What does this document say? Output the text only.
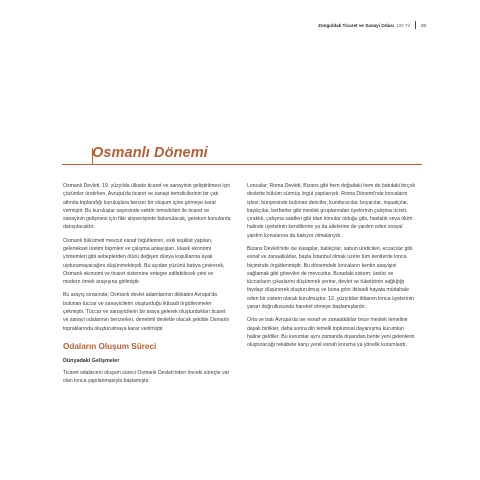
Zonguldak Ticaret ve Sanayi Odası 100 Yıl 29
Osmanlı Dönemi

Osmanlı Devleti, 19. yüzyılda ülkede ticaret ve sanayinin geliştirilmesi için çözümler üretirken, Avrupa'da ticaret ve sanayi temsilcilerinin bir çatı altında toplandığı kuruluşlara benzer bir oluşum içine girmeye karar vermiştir. Bu kuruluşlar sayesinde sektör temsilcileri ile ticaret ve sanayinin gelişmesi için fikir alışverişinde bulunulacak, gereken konularda danışılacaktır.

Osmanlı hükümeti mevcut esnaf örgütlerinin, eski teşkilat yapıları, geleneksel üretim biçimleri ve çalışma anlayışları, klasik ekonomi yöntemleri gibi sebeplerden ötürü değişen dünya koşullarına ayak uyduramayacağını düşünmekteydi. Bu açıdan yüzünü batıya çevirerek, Osmanlı ekonomi ve ticaret sistemine entegre edilebilecek yeni ve modern örnek arayışına girilmiştir.

Bu arayış sırasında; Osmanlı devlet adamlarının dikkatini Avrupa'da bulunan tüccar ve sanayicilerin oluşturduğu iktisadi örgütlenmeler çekmiştir. Tüccar ve sanayicilerin bir araya gelerek oluşturdukları ticaret ve sanayi odalarının benzerleri, denetimi devlette olacak şekilde Osmanlı topraklarında oluşturulmaya karar verilmiştir.

Odaların Oluşum Süreci
Dünyadaki Gelişmeler

Ticaret odalarının oluşum süreci Osmanlı Devleti'nden önceki süreçte var olan lonca yapılanmasıyla başlamıştır.

Loncalar; Roma Devleti, Bizans gibi hem doğudaki hem de batıdaki birçok devlette hüküm sürmüş örgüt yapılarıydı. Roma Dönemi'nde loncaların işlevi; bünyesinde bulunan dericiler, kunduracılar, boyacılar, inşaatçılar, kayıkçılar, berberler gibi meslek gruplarından üyelerinin çalışma ücreti, çıraklık, çalışma saatleri gibi idari konular olduğu gibi, hastalık veya ölüm halinde üyelerinin kendilerine ya da ailelerine de yardım eden sosyal yardım konularına da bakıyor olmalarıydı.

Bizans Devleti'nde ise kasaplar, balıkçılar, sabun üreticileri, eczacılar gibi esnaf ve zanaatkârlar, başta İstanbul olmak üzere tüm kentlerde lonca biçiminde örgütlenmiştir. Bu dönemdeki loncaların kentin asayişini sağlamak gibi görevleri de mevcuttur. Buradaki sistem; üretici ve tüccarların çıkarlarını düşünmek yerine, devlet ve tüketicinin sağlığığı faydayı düşünerek oluşturulmuş ve buna göre iktisadi hayata müdahale eden bir sistem olarak kurulmuştur. 12. yüzyıldan itibaren lonca üyelerinin yararı doğrultusunda hareket etmeye başlamışlardır.

Orta ve batı Avrupa'da ise esnaf ve zanaatkârlar önce meslek temeline dayalı birlikler, daha sonra din temelli toplumsal dayanışma kurumları haline geldiler. Bu kurumlar aynı zamanda dışarıdan bente yeni gelenlerin oluşturacağı rekabete karşı yerel esnafı koruma ya yönelik kurumlardı.
